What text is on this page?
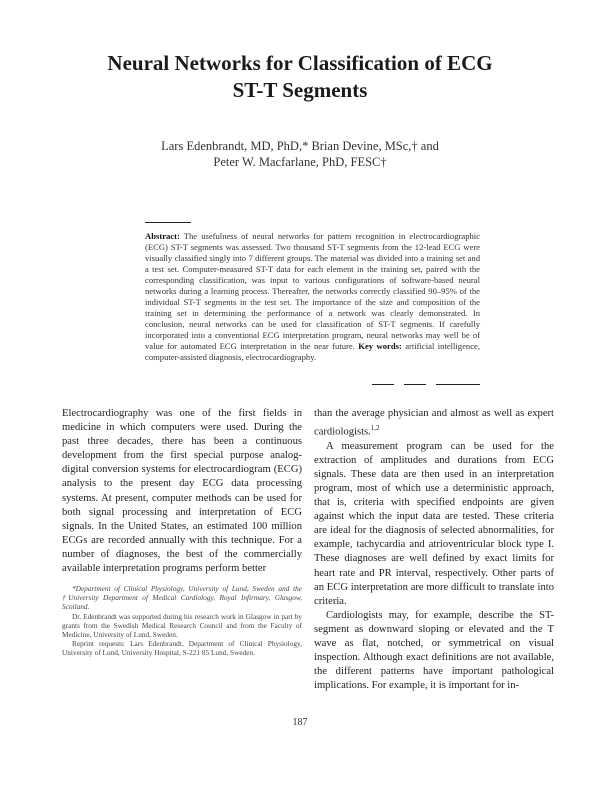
Neural Networks for Classification of ECG
ST-T Segments
Lars Edenbrandt, MD, PhD,* Brian Devine, MSc,† and
Peter W. Macfarlane, PhD, FESC†

Abstract: The usefulness of neural networks for pattern recognition in electrocardiographic (ECG) ST-T segments was assessed. Two thousand ST-T segments from the 12-lead ECG were visually classified singly into 7 different groups. The material was divided into a training set and a test set. Computer-measured ST-T data for each element in the training set, paired with the corresponding classification, was input to various configurations of software-based neural networks during a learning process. Thereafter, the networks correctly classified 90–95% of the individual ST-T segments in the test set. The importance of the size and composition of the training set in determining the performance of a network was clearly demonstrated. In conclusion, neural networks can be used for classification of ST-T segments. If carefully incorporated into a conventional ECG interpretation program, neural networks may well be of value for automated ECG interpretation in the near future. Key words: artificial intelligence, computer-assisted diagnosis, electrocardiography.

Electrocardiography was one of the first fields in medicine in which computers were used. During the past three decades, there has been a continuous development from the first special purpose analog-digital conversion systems for electrocardiogram (ECG) analysis to the present day ECG data processing systems. At present, computer methods can be used for both signal processing and interpretation of ECG signals. In the United States, an estimated 100 million ECGs are recorded annually with this technique. For a number of diagnoses, the best of the commercially available interpretation programs perform better

*Department of Clinical Physiology, University of Lund, Sweden and the †University Department of Medical Cardiology, Royal Infirmary, Glasgow, Scotland.

Dr. Edenbrandt was supported during his research work in Glasgow in part by grants from the Swedish Medical Research Council and from the Faculty of Medicine, University of Lund, Sweden.

Reprint requests: Lars Edenbrandt, Department of Clinical Physiology, University of Lund, University Hospital, S-221 85 Lund, Sweden.

than the average physician and almost as well as expert cardiologists.$^{1,2}$

A measurement program can be used for the extraction of amplitudes and durations from ECG signals. These data are then used in an interpretation program, most of which use a deterministic approach, that is, criteria with specified endpoints are given against which the input data are tested. These criteria are ideal for the diagnosis of selected abnormalities, for example, tachycardia and atrioventricular block type I. These diagnoses are well defined by exact limits for heart rate and PR interval, respectively. Other parts of an ECG interpretation are more difficult to translate into criteria.

Cardiologists may, for example, describe the ST-segment as downward sloping or elevated and the T wave as flat, notched, or symmetrical on visual inspection. Although exact definitions are not available, the different patterns have important pathological implications. For example, it is important for in-

187
